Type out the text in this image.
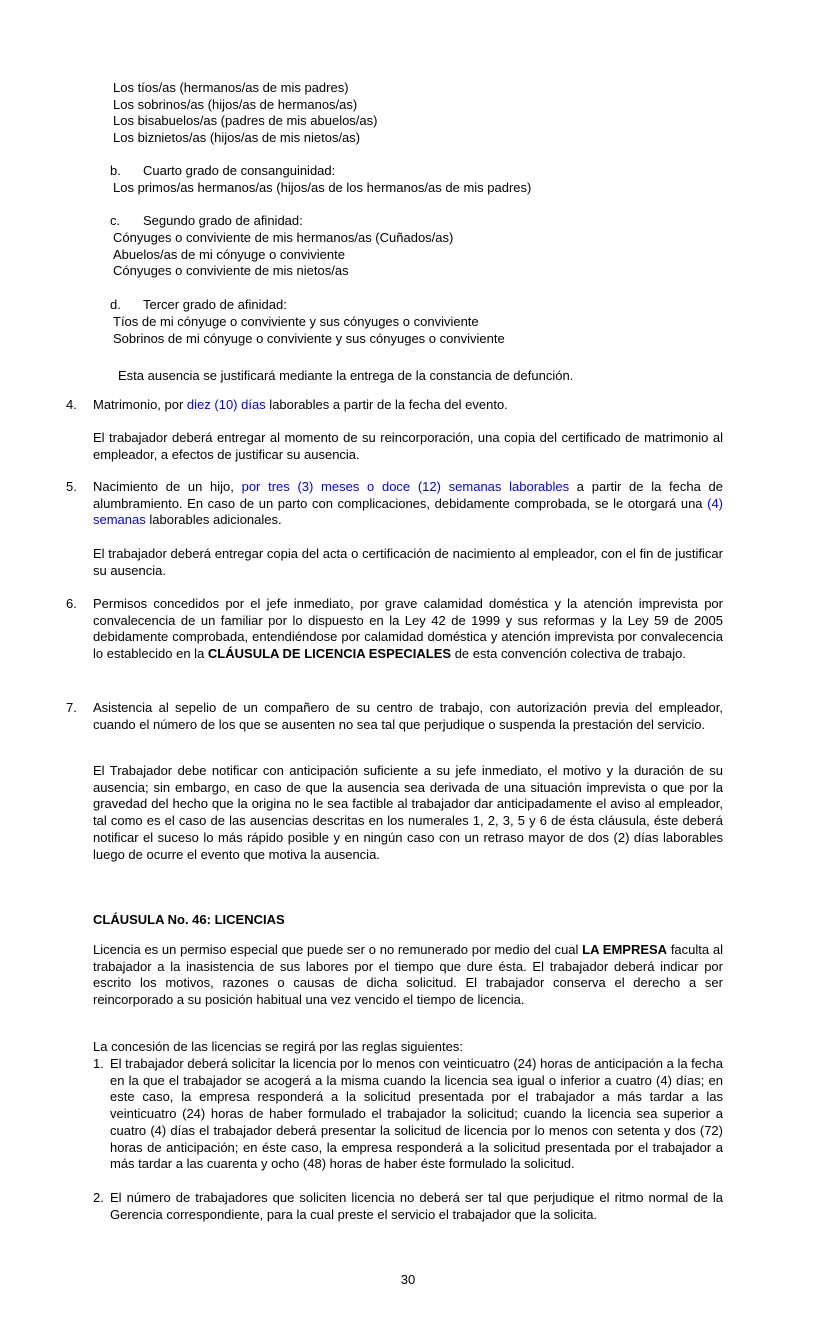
Los tíos/as (hermanos/as de mis padres)
Los sobrinos/as (hijos/as de hermanos/as)
Los bisabuelos/as (padres de mis abuelos/as)
Los biznietos/as (hijos/as de mis nietos/as)
b. Cuarto grado de consanguinidad:
Los primos/as hermanos/as (hijos/as de los hermanos/as de mis padres)
c. Segundo grado de afinidad:
Cónyuges o conviviente de mis hermanos/as (Cuñados/as)
Abuelos/as de mi cónyuge o conviviente
Cónyuges o conviviente de mis nietos/as
d. Tercer grado de afinidad:
Tíos de mi cónyuge o conviviente y sus cónyuges o conviviente
Sobrinos de mi cónyuge o conviviente y sus cónyuges o conviviente
Esta ausencia se justificará mediante la entrega de la constancia de defunción.
4.	Matrimonio, por diez (10) días laborables a partir de la fecha del evento.
El trabajador deberá entregar al momento de su reincorporación, una copia del certificado de matrimonio al empleador, a efectos de justificar su ausencia.
5.	Nacimiento de un hijo, por tres (3) meses o doce (12) semanas laborables a partir de la fecha de alumbramiento. En caso de un parto con complicaciones, debidamente comprobada, se le otorgará una (4) semanas laborables adicionales.
El trabajador deberá entregar copia del acta o certificación de nacimiento al empleador, con el fin de justificar su ausencia.
6.	Permisos concedidos por el jefe inmediato, por grave calamidad doméstica y la atención imprevista por convalecencia de un familiar por lo dispuesto en la Ley 42 de 1999 y sus reformas y la Ley 59 de 2005 debidamente comprobada, entendiéndose por calamidad doméstica y atención imprevista por convalecencia lo establecido en la CLÁUSULA DE LICENCIA ESPECIALES de esta convención colectiva de trabajo.
7.	Asistencia al sepelio de un compañero de su centro de trabajo, con autorización previa del empleador, cuando el número de los que se ausenten no sea tal que perjudique o suspenda la prestación del servicio.
El Trabajador debe notificar con anticipación suficiente a su jefe inmediato, el motivo y la duración de su ausencia; sin embargo, en caso de que la ausencia sea derivada de una situación imprevista o que por la gravedad del hecho que la origina no le sea factible al trabajador dar anticipadamente el aviso al empleador, tal como es el caso de las ausencias descritas en los numerales 1, 2, 3, 5 y 6 de ésta cláusula, éste deberá notificar el suceso lo más rápido posible y en ningún caso con un retraso mayor de dos (2) días laborables luego de ocurre el evento que motiva la ausencia.
CLÁUSULA No. 46: LICENCIAS
Licencia es un permiso especial que puede ser o no remunerado por medio del cual LA EMPRESA faculta al trabajador a la inasistencia de sus labores por el tiempo que dure ésta. El trabajador deberá indicar por escrito los motivos, razones o causas de dicha solicitud. El trabajador conserva el derecho a ser reincorporado a su posición habitual una vez vencido el tiempo de licencia.
La concesión de las licencias se regirá por las reglas siguientes:
1. El trabajador deberá solicitar la licencia por lo menos con veinticuatro (24) horas de anticipación a la fecha en la que el trabajador se acogerá a la misma cuando la licencia sea igual o inferior a cuatro (4) días; en este caso, la empresa responderá a la solicitud presentada por el trabajador a más tardar a las veinticuatro (24) horas de haber formulado el trabajador la solicitud; cuando la licencia sea superior a cuatro (4) días el trabajador deberá presentar la solicitud de licencia por lo menos con setenta y dos (72) horas de anticipación; en éste caso, la empresa responderá a la solicitud presentada por el trabajador a más tardar a las cuarenta y ocho (48) horas de haber éste formulado la solicitud.
2. El número de trabajadores que soliciten licencia no deberá ser tal que perjudique el ritmo normal de la Gerencia correspondiente, para la cual preste el servicio el trabajador que la solicita.
30
